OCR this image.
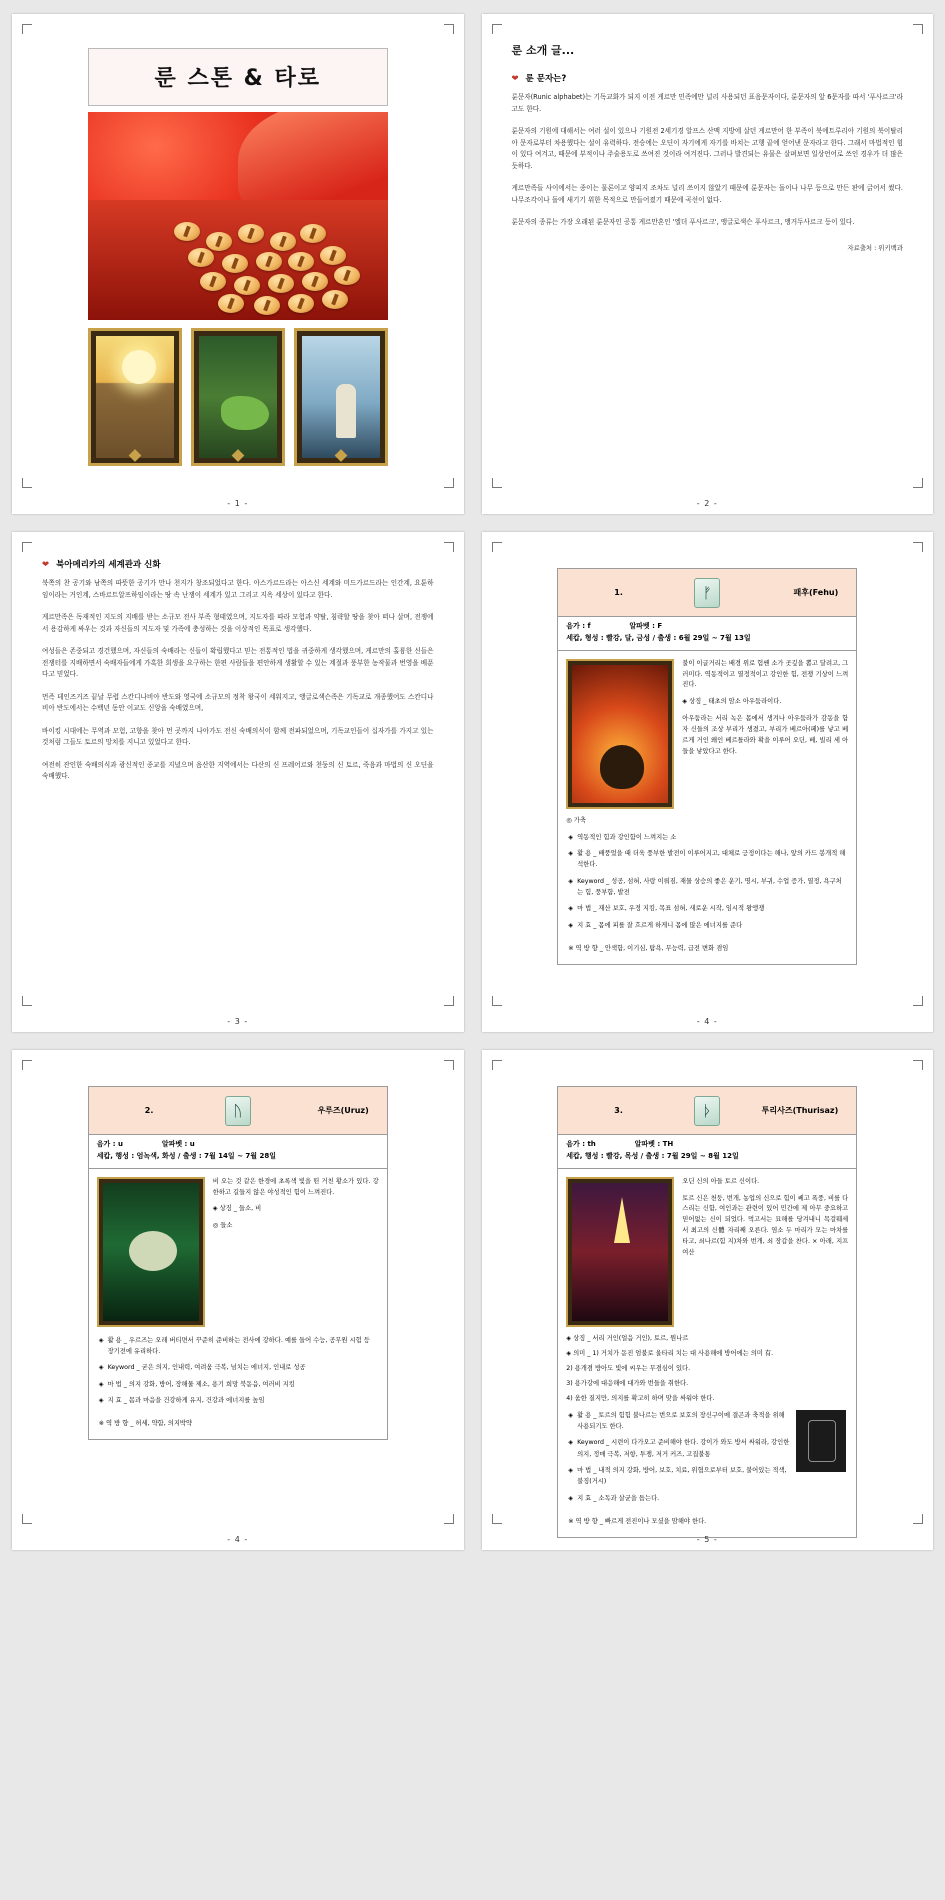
룬 스톤 & 타로
- 1 -
룬 소개 글...
❤ 룬 문자는?

룬문자(Runic alphabet)는 기독교화가 되지 이전 게르만 민족에만 널리 사용되던 표음문자이다, 룬문자의 앞 6문자를 따서 '푸사르크'라고도 한다.

룬문자의 기원에 대해서는 여러 설이 있으나 기원전 2세기경 알프스 산맥 지방에 살던 게르만어 한 부족이 북에트루리아 기원의 북이탈리아 문자로부터 차용했다는 설이 유력하다. 전승에는 오딘이 자기에게 자기를 바치는 고행 끝에 얻어낸 문자라고 한다. 그래서 마법적인 힘이 있다 여겨고, 때문에 부적이나 주술용도로 쓰여진 것이라 여겨진다. 그러나 발견되는 유물은 살펴보면 일상언어로 쓰인 경우가 더 많은 듯하다.

게르만족들 사이에서는 종이는 물론이고 양피지 조차도 널리 쓰이지 않았기 때문에 룬문자는 돌이나 나무 등으로 만든 판에 긁어서 썼다. 나무조각이나 돌에 새기기 위한 목적으로 만들어졌기 때문에 곡선이 없다.

룬문자의 종류는 가장 오래된 룬문자인 공통 게르만혼인 '엘더 푸사르크', 앵글로색슨 푸사르크, 앵거두사르크 등이 있다.

자료출처 : 위키백과
- 2 -
❤ 북아메리카의 세계관과 신화

북쪽의 찬 공기와 남쪽의 따뜻한 공기가 만나 천지가 창조되었다고 한다. 아스가르드라는 아스신 세계와 미드가르드라는 인간계, 요툰하임이라는 거인계, 스바르트알프하임이라는 땅 속 난쟁이 세계가 있고 그리고 지옥 세상이 있다고 한다.

게르만족은 독재적인 지도의 지배를 받는 소규모 전사 부족 형태였으며, 지도자를 따라 모험과 약탈, 침략할 땅을 찾아 떠나 살며, 전쟁에서 용감하게 싸우는 것과 자신들의 지도자 및 가족에 충성하는 것을 이상적인 목표로 생각했다.

여성들은 존중되고 경건했으며, 자신들의 숙배라는 신들이 확립했다고 믿는 전통적인 법을 귀중하게 생각했으며, 게르만의 홀륭한 신들은 전쟁터를 지배하면서 숙배자들에게 가혹한 희생을 요구하는 한편 사람들을 편안하게 생활할 수 있는 계절과 풍부한 농작물과 번영을 베푼다고 믿었다.

먼즉 데인즈거즈 끝날 무렵 스칸디나비아 반도와 영국에 소규모의 정착 왕국이 세워지고, 앵글로색슨족은 기독교로 개종했어도 스칸디나비아 반도에서는 수백년 동안 이교도 신앙을 숙배였으며,

바이킹 시대에는 무역과 모험, 고향을 찾아 먼 곳까지 나아가도 전신 숙배의식이 함께 전파되었으며, 기독교인들이 십자가를 가지고 있는 것처럼 그들도 토르의 망치를 지니고 있었다고 한다.

여전히 잔인한 숙배의식과 광신적인 종교를 지녔으며 음산한 지역에서는 다산의 신 프레어르와 천둥의 신 토르, 죽음과 마법의 신 오딘을 숙배했다.

- 3 -
1.	ᚠ	패후(Fehu)
음가 : f	알파벳 : F
세캅, 형성 : 빨강, 달, 금성 / 출생 : 6월 29일 ~ 7월 13일
불이 이글거리는 배경 위로 험쌘 소가 곳깊을 뽐고 달려고, 그러미다. 역동적이고 열정적이고 강인한 힘, 전쟁 기상이 느껴진다.
◈ 상징 _ 태초의 암소 아우둠라이다.
아우둠라는 서리 녹은 몸에서 생겨나 아우둠라가 감동을 함자 신들의 조상 부리가 생겼고, 부리가 베르아(페)를 낳고 베르게 거인 왜인 베르틀라와 확을 이루어 오딘, 베, 빌리 세 아들을 낳았다고 한다.
◎ 가축
◈ 역동적인 힘과 강인함이 느껴지는 소
◈ 활 용 _ 배풍었을 때 더욱 풍부한 발전이 이루어지고, 대체로 긍정이다는 해나, 앞의 카드 봉개적 해석한다.
◈ Keyword _ 성공, 섬혀, 사랑 이뤄짐, 재물 상승의 좋은 운기, 명시, 부귀, 수업 증가, 열정, 욕구처는 힘, 풍부함, 발전
◈ 마 법 _ 재산 보호, 우정 지킴, 목표 섬혀, 새로운 시작, 임시적 왕앵쟁
◈ 지 효 _ 몸에 피를 잘 흐르게 하게니 몸에 많은 에너지를 준다
※ 역 방 향 _ 안색함, 이기심, 탐욕, 무능력, 급전 변화 겸임
- 4 -
2.	ᚢ	우루즈(Uruz)
음가 : u	알파벳 : u
세캅, 행성 : 엄녹색, 화성 / 출생 : 7월 14일 ~ 7월 28일
비 오는 것 같은 한경에 초록색 빛을 띤 거친 황소가 있다. 강한하고 길들지 않은 야성적인 힘이 느껴진다.
◈ 상징 _ 들소, 비
◎ 들소
◈ 활 용 _ 우르즈는 오래 버티면서 꾸준히 준비하는 전사에 강하다. 예를 들어 수능, 공무원 시험 등 장기전에 유리하다.
◈ Keyword _ 굳은 의지, 인내력, 여려움 극복, 넘치는 에너지, 인내로 성공
◈ 마 법 _ 의지 강화, 방어, 장해물 제소, 용기 희망 북돋음, 여러비 지킴
◈ 지 효 _ 몸과 마음을 건강하게 유지, 건강과 에너지를 높임
※ 역 방 향 _ 허세, 약함, 의지박약
- 4 -
3.	ᚦ	투리사즈(Thurisaz)
음가 : th	알파벳 : TH
세캅, 행성 : 빨강, 목성 / 출생 : 7월 29일 ~ 8월 12일
오딘 신의 아들 토르 신이다.
토르 신은 천둥, 번개, 농업의 신으로 힘이 쎄고 폭풍, 비를 다스리는 신함, 여인과는 관련이 있어 민간에 제 아무 중요하고 믿어없는 신이 되었다. 먹고서는 묘해를 당겨내니 목걸뭬세서 최고의 신體 자리째 오른다. 염소 두 마리가 모는 마차를 타고, 쇠나르(힘 지)차와 번개, 쇠 장갑을 찬다. × 아래, 지프 여산
◈ 상징 _ 서리 거인(얼음 거인), 토르, 뭔나르
◈ 의미 _ 1) 거치가 돋진 엄불로 울타리 치는 대 사용해에 방어에는 의미 有.
2) 용개겸 방아도 빛에 씨우는 무겸심이 있다.
3) 용가강에 대응해에 대가와 번들을 취한다.
4) 움한 질지만, 의지를 확고히 하며 맞을 싸워야 한다.
◈ 활 용 _ 토르의 힘힘 불나르는 번으로 보호의 장신구이메 결곤과 축적을 위해 사용되기도 한다.
◈ Keyword _ 시련이 다가오고 준비해야 한다. 강이가 와도 방서 싸워라, 강인한 의지, 정매 극복, 저항, 투쟁, 저거 커즈, 고집불통
◈ 마 법 _ 내적 의지 강화, 방어, 보호, 치료, 위협으로부터 보호, 불어있는 적색, 불징(거시)
◈ 지 효 _ 소독과 살균을 돕는다.
※ 역 방 향 _ 빠르게 전진이나 모셨을 맘해야 한다.
- 5 -
